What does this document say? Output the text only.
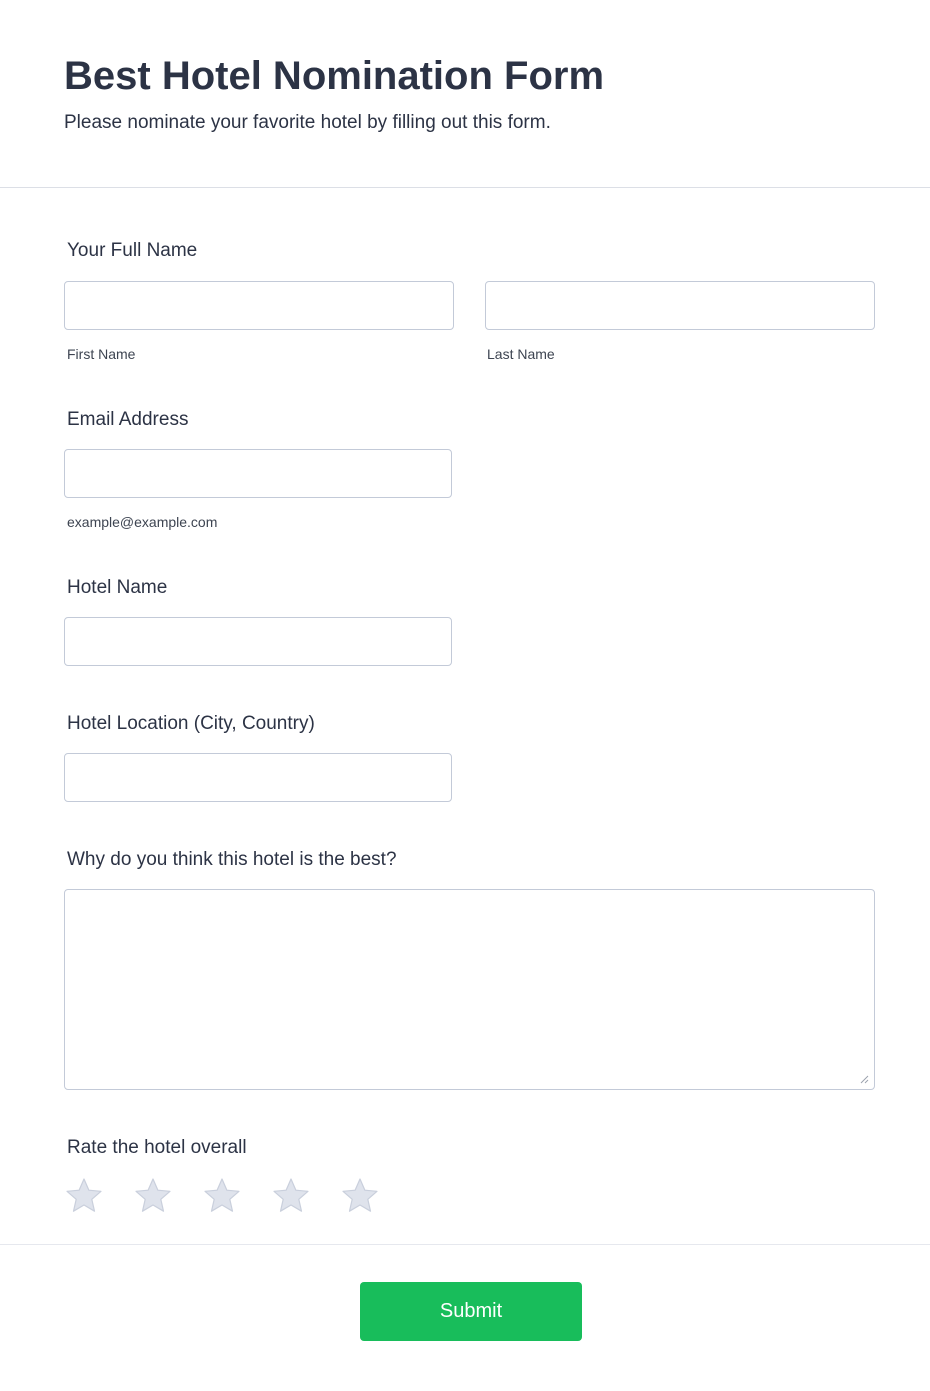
Best Hotel Nomination Form

Please nominate your favorite hotel by filling out this form.

Your Full Name
First Name	Last Name
Email Address
example@example.com
Hotel Name
Hotel Location (City, Country)
Why do you think this hotel is the best?
Rate the hotel overall
Submit
